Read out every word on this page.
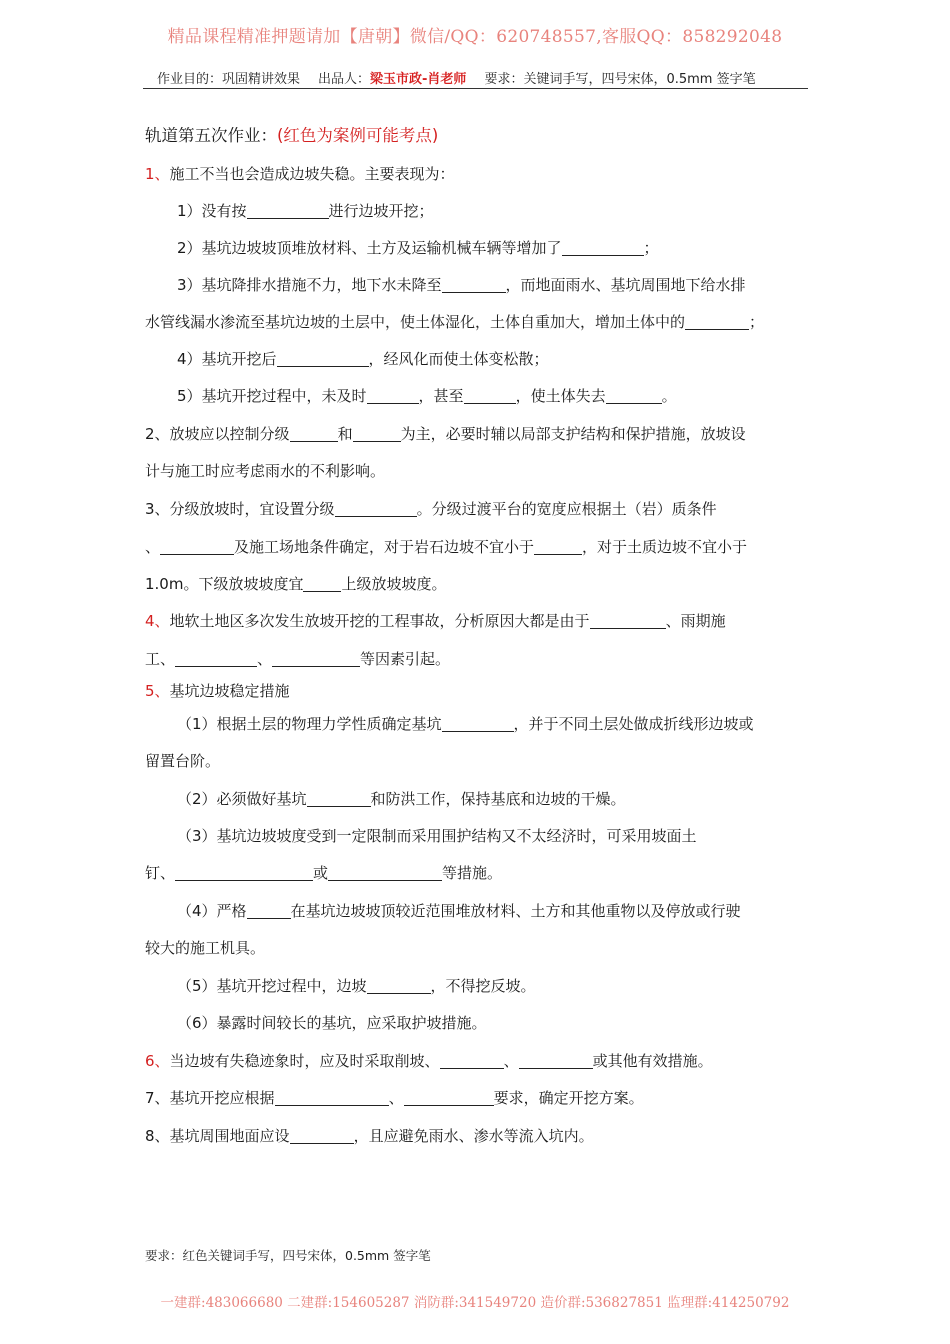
精品课程精准押题请加【唐朝】微信/QQ：620748557,客服QQ：858292048
作业目的：巩固精讲效果 出品人：梁玉市政-肖老师 要求：关键词手写，四号宋体，0.5mm 签字笔
轨道第五次作业：(红色为案例可能考点)
1、施工不当也会造成边坡失稳。主要表现为：
1）没有按	进行边坡开挖；
2）基坑边坡坡顶堆放材料、土方及运输机械车辆等增加了	；
3）基坑降排水措施不力，地下水未降至	，而地面雨水、基坑周围地下给水排
水管线漏水渗流至基坑边坡的土层中，使土体湿化，土体自重加大，增加土体中的	；
4）基坑开挖后	，经风化而使土体变松散；
5）基坑开挖过程中，未及时	，甚至	，使土体失去	。
2、放坡应以控制分级	和	为主，必要时辅以局部支护结构和保护措施，放坡设
计与施工时应考虑雨水的不利影响。
3、分级放坡时，宜设置分级	。分级过渡平台的宽度应根据土（岩）质条件
、	及施工场地条件确定，对于岩石边坡不宜小于	，对于土质边坡不宜小于
1.0m。下级放坡坡度宜	上级放坡坡度。
4、地软土地区多次发生放坡开挖的工程事故，分析原因大都是由于	、雨期施
工、	、	等因素引起。
5、基坑边坡稳定措施
（1）根据土层的物理力学性质确定基坑	，并于不同土层处做成折线形边坡或
留置台阶。
（2）必须做好基坑	和防洪工作，保持基底和边坡的干燥。
（3）基坑边坡坡度受到一定限制而采用围护结构又不太经济时，可采用坡面土
钉、	或	等措施。
（4）严格	在基坑边坡坡顶较近范围堆放材料、土方和其他重物以及停放或行驶
较大的施工机具。
（5）基坑开挖过程中，边坡	，不得挖反坡。
（6）暴露时间较长的基坑，应采取护坡措施。
6、当边坡有失稳迹象时，应及时采取削坡、	、	或其他有效措施。
7、基坑开挖应根据	、	要求，确定开挖方案。
8、基坑周围地面应设	，且应避免雨水、渗水等流入坑内。
要求：红色关键词手写，四号宋体，0.5mm 签字笔
一建群:483066680 二建群:154605287 消防群:341549720 造价群:536827851 监理群:414250792
